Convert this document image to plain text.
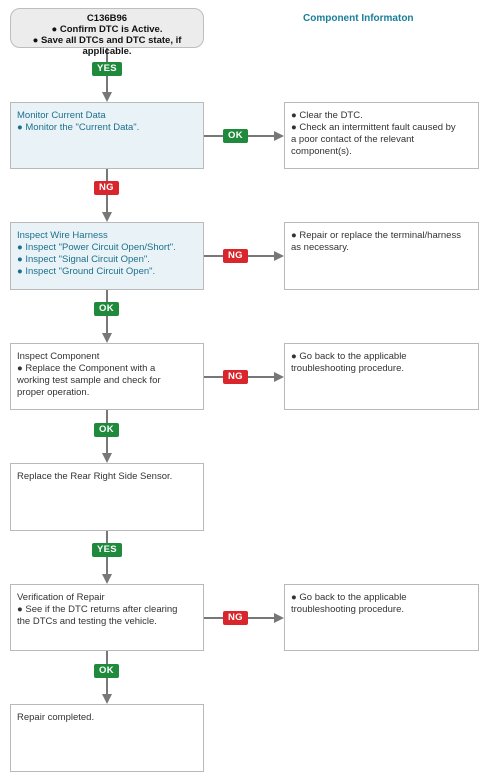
C136B96
● Confirm DTC is Active.
● Save all DTCs and DTC state, if applicable.
Component Informaton
Monitor Current Data
● Monitor the "Current Data".
Inspect Wire Harness
● Inspect "Power Circuit Open/Short".
● Inspect "Signal Circuit Open".
● Inspect "Ground Circuit Open".
Inspect Component
● Replace the Component with a
working test sample and check for
proper operation.
Replace the Rear Right Side Sensor.
Verification of Repair
● See if the DTC returns after clearing
the DTCs and testing the vehicle.
Repair completed.
● Clear the DTC.
● Check an intermittent fault caused by
a poor contact of the relevant
component(s).
● Repair or replace the terminal/harness
as necessary.
● Go back to the applicable
troubleshooting procedure.
● Go back to the applicable
troubleshooting procedure.
YES
NG
OK
OK
YES
OK
OK
NG
NG
NG
